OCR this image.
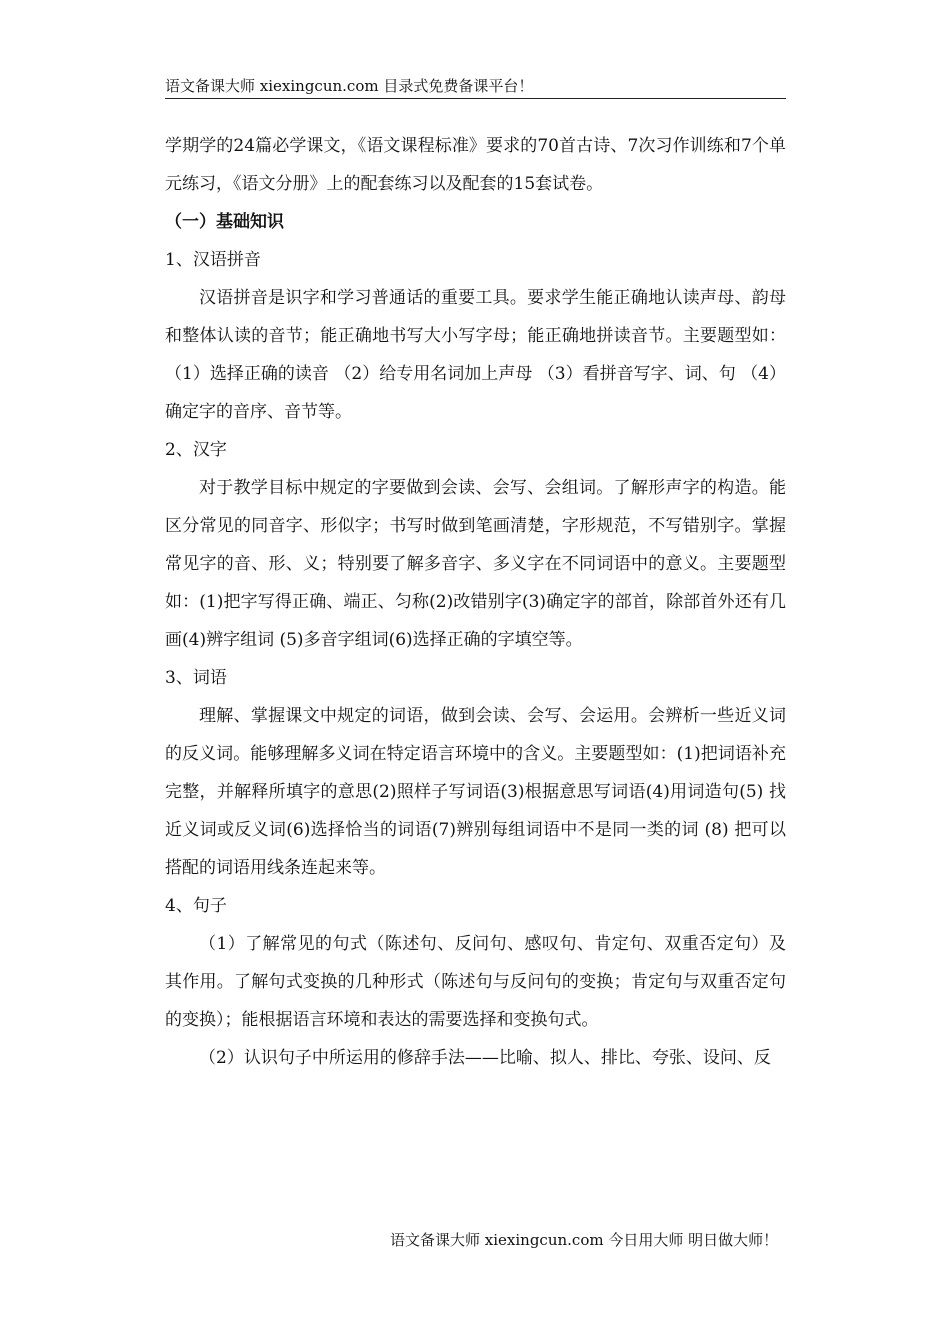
语文备课大师 xiexingcun.com 目录式免费备课平台！

学期学的24篇必学课文，《语文课程标准》要求的70首古诗、7次习作训练和7个单元练习，《语文分册》上的配套练习以及配套的15套试卷。

（一）基础知识

1、汉语拼音

汉语拼音是识字和学习普通话的重要工具。要求学生能正确地认读声母、韵母和整体认读的音节；能正确地书写大小写字母；能正确地拼读音节。主要题型如：（1）选择正确的读音 （2）给专用名词加上声母 （3）看拼音写字、词、句 （4）确定字的音序、音节等。

2、汉字

对于教学目标中规定的字要做到会读、会写、会组词。了解形声字的构造。能区分常见的同音字、形似字；书写时做到笔画清楚，字形规范，不写错别字。掌握常见字的音、形、义；特别要了解多音字、多义字在不同词语中的意义。主要题型如：(1)把字写得正确、端正、匀称(2)改错别字(3)确定字的部首，除部首外还有几画(4)辨字组词 (5)多音字组词(6)选择正确的字填空等。

3、词语

理解、掌握课文中规定的词语，做到会读、会写、会运用。会辨析一些近义词的反义词。能够理解多义词在特定语言环境中的含义。主要题型如：(1)把词语补充完整，并解释所填字的意思(2)照样子写词语(3)根据意思写词语(4)用词造句(5) 找近义词或反义词(6)选择恰当的词语(7)辨别每组词语中不是同一类的词 (8) 把可以搭配的词语用线条连起来等。

4、句子

（1）了解常见的句式（陈述句、反问句、感叹句、肯定句、双重否定句）及其作用。了解句式变换的几种形式（陈述句与反问句的变换；肯定句与双重否定句的变换）；能根据语言环境和表达的需要选择和变换句式。

（2）认识句子中所运用的修辞手法——比喻、拟人、排比、夸张、设问、反

语文备课大师 xiexingcun.com 今日用大师 明日做大师！
